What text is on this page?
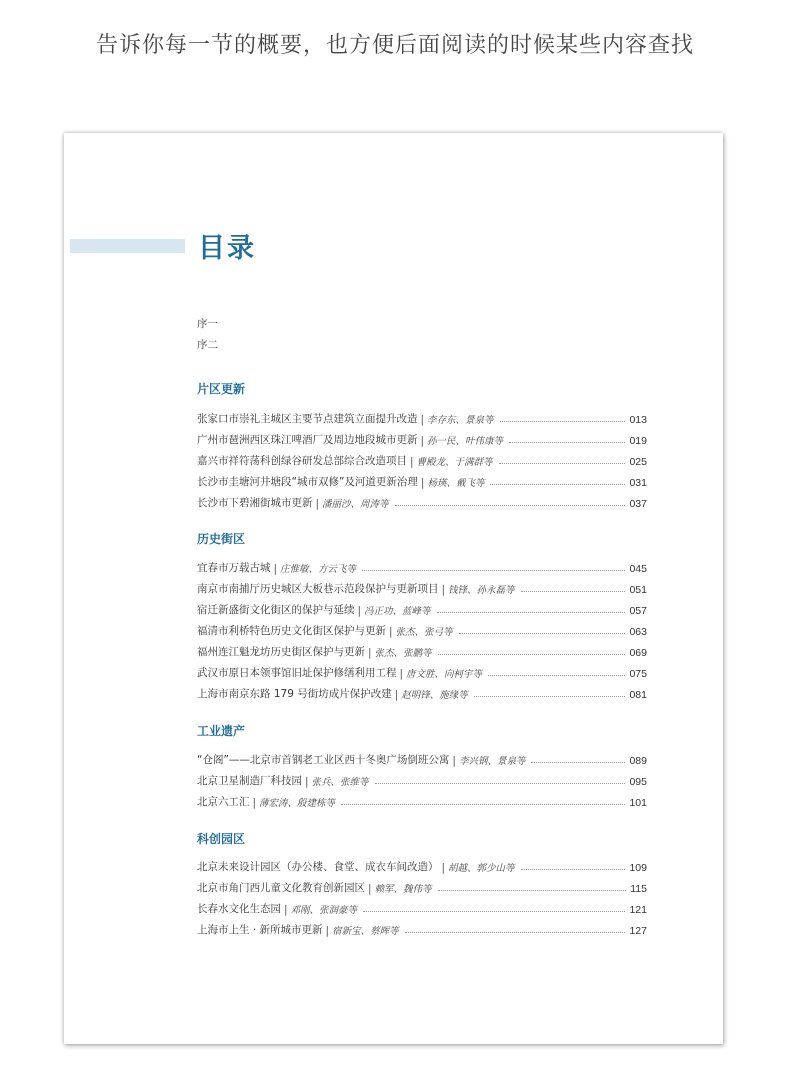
告诉你每一节的概要，也方便后面阅读的时候某些内容查找
目录
序一
序二
片区更新
张家口市崇礼主城区主要节点建筑立面提升改造 | 李存东、景泉等	013
广州市琶洲西区珠江啤酒厂及周边地段城市更新 | 孙一民、叶伟康等	019
嘉兴市祥符荡科创绿谷研发总部综合改造项目 | 曹殿龙、于满群等	025
长沙市圭塘河井塘段“城市双修”及河道更新治理 | 杨瑛、戴飞等	031
长沙市下碧湘街城市更新 | 潘丽沙、周涛等	037
历史街区
宜春市万载古城 | 庄惟敏、方云飞等	045
南京市南捕厅历史城区大板巷示范段保护与更新项目 | 钱锋、孙永磊等	051
宿迁新盛街文化街区的保护与延续 | 冯正功、蓝峰等	057
福清市利桥特色历史文化街区保护与更新 | 张杰、张弓等	063
福州连江魁龙坊历史街区保护与更新 | 张杰、张鹏等	069
武汉市原日本领事馆旧址保护修缮利用工程 | 唐文胜、向柯宇等	075
上海市南京东路 179 号街坊成片保护改建 | 赵明锋、施缘等	081
工业遗产
“仓阁”——北京市首钢老工业区西十冬奥广场倒班公寓 | 李兴钢、景泉等	089
北京卫星制造厂科技园 | 张兵、张维等	095
北京六工汇 | 薄宏涛、殷建栋等	101
科创园区
北京未来设计园区（办公楼、食堂、成衣车间改造） | 胡越、郭少山等	109
北京市角门西儿童文化教育创新园区 | 赖军、魏伟等	115
长春水文化生态园 | 邓刚、张润豪等	121
上海市上生 · 新所城市更新 | 宿新宝、蔡晖等	127
